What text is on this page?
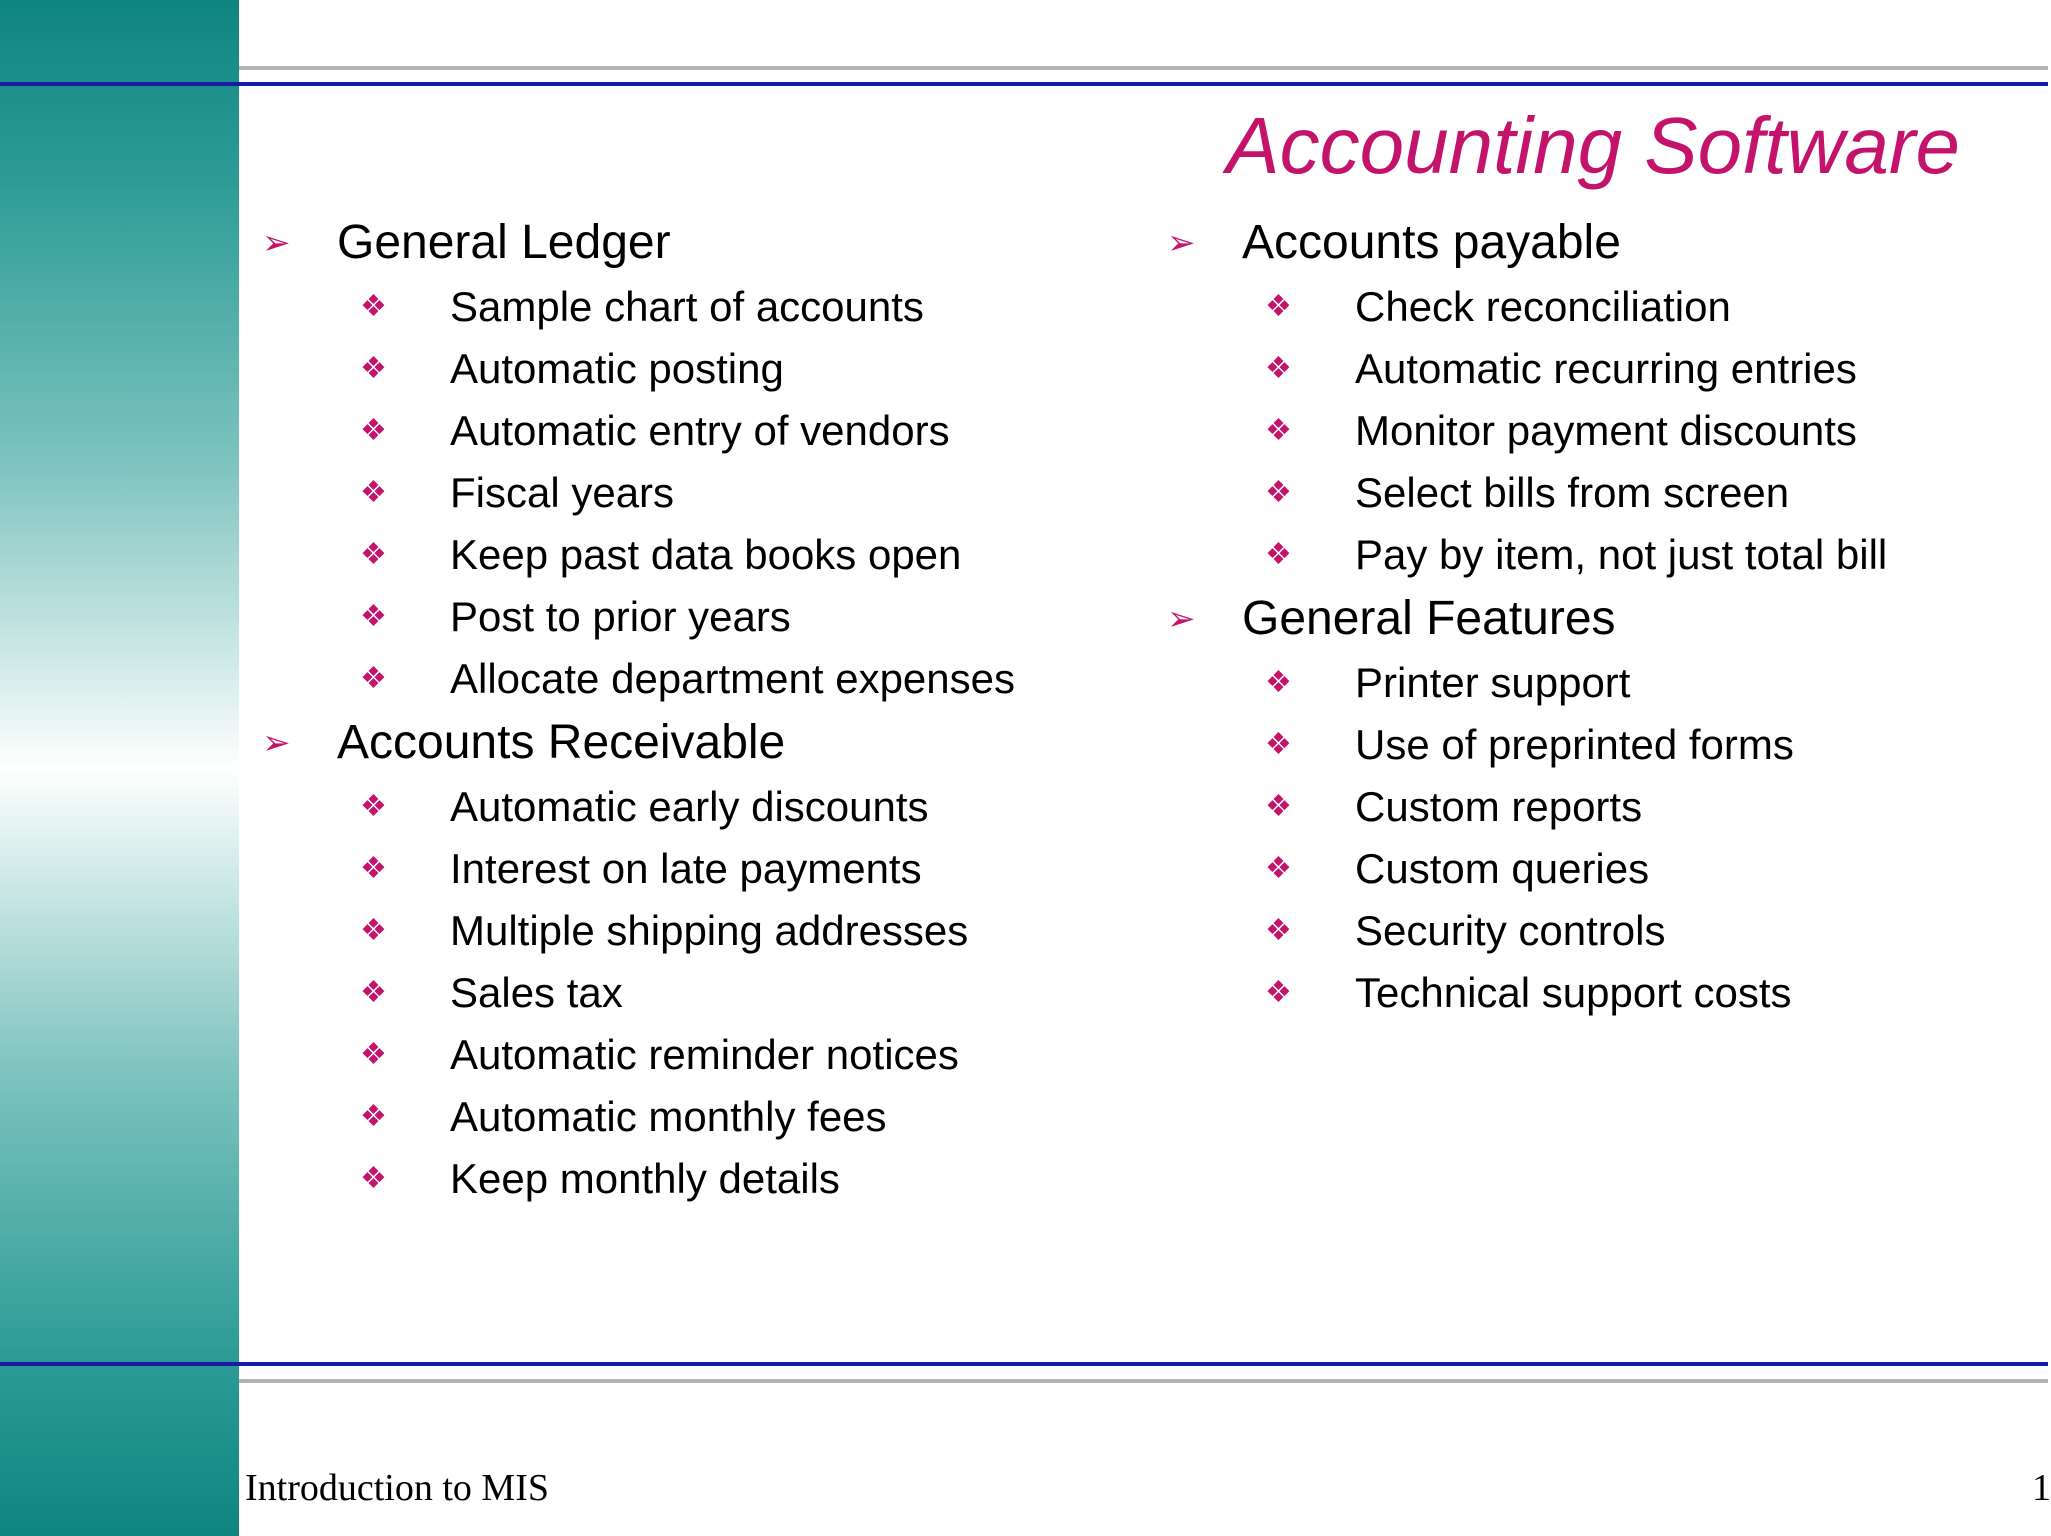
Accounting Software
➢ General Ledger
❖	Sample chart of accounts
❖	Automatic posting
❖	Automatic entry of vendors
❖	Fiscal years
❖	Keep past data books open
❖	Post to prior years
❖	Allocate department expenses
➢ Accounts Receivable
❖	Automatic early discounts
❖	Interest on late payments
❖	Multiple shipping addresses
❖	Sales tax
❖	Automatic reminder notices
❖	Automatic monthly fees
❖	Keep monthly details
➢ Accounts payable
❖	Check reconciliation
❖	Automatic recurring entries
❖	Monitor payment discounts
❖	Select bills from screen
❖	Pay by item, not just total bill
➢ General Features
❖	Printer support
❖	Use of preprinted forms
❖	Custom reports
❖	Custom queries
❖	Security controls
❖	Technical support costs
Introduction to MIS	1
